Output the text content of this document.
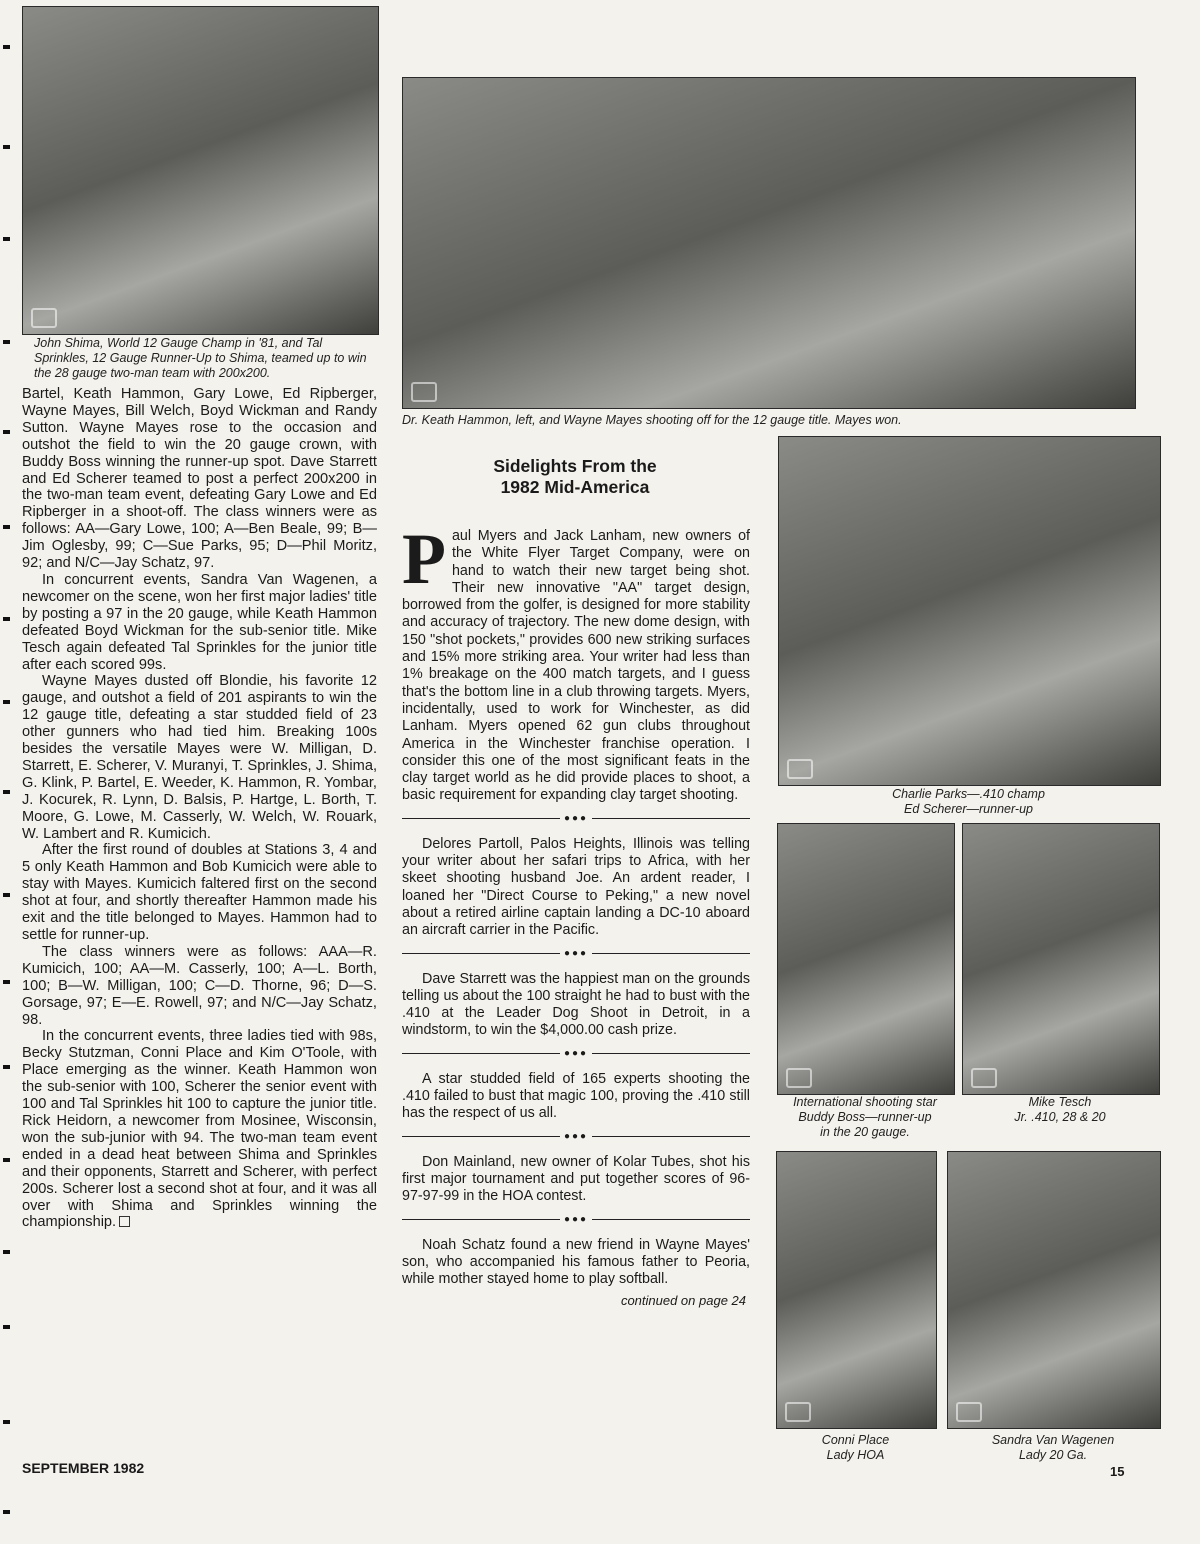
John Shima, World 12 Gauge Champ in '81, and Tal Sprinkles, 12 Gauge Runner-Up to Shima, teamed up to win the 28 gauge two-man team with 200x200.
Dr. Keath Hammon, left, and Wayne Mayes shooting off for the 12 gauge title. Mayes won.
Charlie Parks—.410 champ
Ed Scherer—runner-up
International shooting star
Buddy Boss—runner-up
in the 20 gauge.
Mike Tesch
Jr. .410, 28 & 20
Conni Place
Lady HOA
Sandra Van Wagenen
Lady 20 Ga.

Bartel, Keath Hammon, Gary Lowe, Ed Ripberger, Wayne Mayes, Bill Welch, Boyd Wickman and Randy Sutton. Wayne Mayes rose to the occasion and outshot the field to win the 20 gauge crown, with Buddy Boss winning the runner-up spot. Dave Starrett and Ed Scherer teamed to post a perfect 200x200 in the two-man team event, defeating Gary Lowe and Ed Ripberger in a shoot-off. The class winners were as follows: AA—Gary Lowe, 100; A—Ben Beale, 99; B—Jim Oglesby, 99; C—Sue Parks, 95; D—Phil Moritz, 92; and N/C—Jay Schatz, 97.

In concurrent events, Sandra Van Wagenen, a newcomer on the scene, won her first major ladies' title by posting a 97 in the 20 gauge, while Keath Hammon defeated Boyd Wickman for the sub-senior title. Mike Tesch again defeated Tal Sprinkles for the junior title after each scored 99s.

Wayne Mayes dusted off Blondie, his favorite 12 gauge, and outshot a field of 201 aspirants to win the 12 gauge title, defeating a star studded field of 23 other gunners who had tied him. Breaking 100s besides the versatile Mayes were W. Milligan, D. Starrett, E. Scherer, V. Muranyi, T. Sprinkles, J. Shima, G. Klink, P. Bartel, E. Weeder, K. Hammon, R. Yombar, J. Kocurek, R. Lynn, D. Balsis, P. Hartge, L. Borth, T. Moore, G. Lowe, M. Casserly, W. Welch, W. Rouark, W. Lambert and R. Kumicich.

After the first round of doubles at Stations 3, 4 and 5 only Keath Hammon and Bob Kumicich were able to stay with Mayes. Kumicich faltered first on the second shot at four, and shortly thereafter Hammon made his exit and the title belonged to Mayes. Hammon had to settle for runner-up.

The class winners were as follows: AAA—R. Kumicich, 100; AA—M. Casserly, 100; A—L. Borth, 100; B—W. Milligan, 100; C—D. Thorne, 96; D—S. Gorsage, 97; E—E. Rowell, 97; and N/C—Jay Schatz, 98.

In the concurrent events, three ladies tied with 98s, Becky Stutzman, Conni Place and Kim O'Toole, with Place emerging as the winner. Keath Hammon won the sub-senior with 100, Scherer the senior event with 100 and Tal Sprinkles hit 100 to capture the junior title. Rick Heidorn, a newcomer from Mosinee, Wisconsin, won the sub-junior with 94. The two-man team event ended in a dead heat between Shima and Sprinkles and their opponents, Starrett and Scherer, with perfect 200s. Scherer lost a second shot at four, and it was all over with Shima and Sprinkles winning the championship.

Sidelights From the
1982 Mid-America

Paul Myers and Jack Lanham, new owners of the White Flyer Target Company, were on hand to watch their new target being shot. Their new innovative "AA" target design, borrowed from the golfer, is designed for more stability and accuracy of trajectory. The new dome design, with 150 "shot pockets," provides 600 new striking surfaces and 15% more striking area. Your writer had less than 1% breakage on the 400 match targets, and I guess that's the bottom line in a club throwing targets. Myers, incidentally, used to work for Winchester, as did Lanham. Myers opened 62 gun clubs throughout America in the Winchester franchise operation. I consider this one of the most significant feats in the clay target world as he did provide places to shoot, a basic requirement for expanding clay target shooting.

●●●

Delores Partoll, Palos Heights, Illinois was telling your writer about her safari trips to Africa, with her skeet shooting husband Joe. An ardent reader, I loaned her "Direct Course to Peking," a new novel about a retired airline captain landing a DC-10 aboard an aircraft carrier in the Pacific.

●●●

Dave Starrett was the happiest man on the grounds telling us about the 100 straight he had to bust with the .410 at the Leader Dog Shoot in Detroit, in a windstorm, to win the $4,000.00 cash prize.

●●●

A star studded field of 165 experts shooting the .410 failed to bust that magic 100, proving the .410 still has the respect of us all.

●●●

Don Mainland, new owner of Kolar Tubes, shot his first major tournament and put together scores of 96-97-97-99 in the HOA contest.

●●●

Noah Schatz found a new friend in Wayne Mayes' son, who accompanied his famous father to Peoria, while mother stayed home to play softball.

continued on page 24
SEPTEMBER 1982	15
